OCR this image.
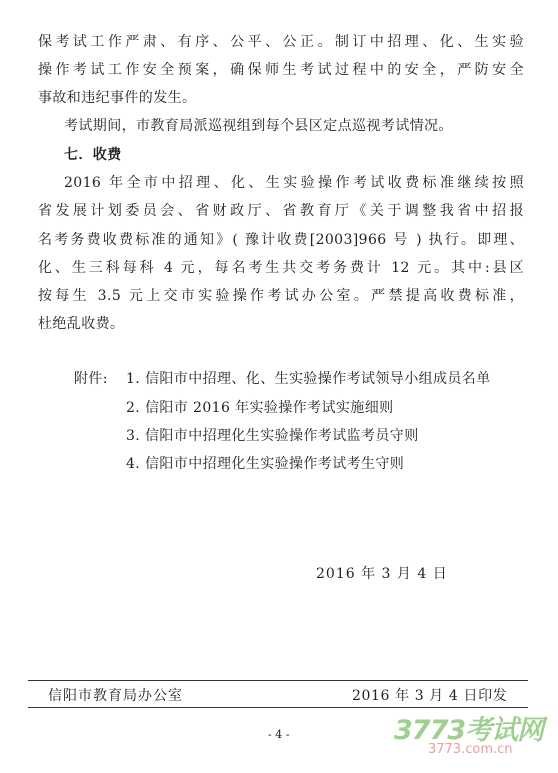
保考试工作严肃、有序、公平、公正。制订中招理、化、生实验
操作考试工作安全预案，确保师生考试过程中的安全，严防安全
事故和违纪事件的发生。
考试期间，市教育局派巡视组到每个县区定点巡视考试情况。
七．收费
2016 年全市中招理、化、生实验操作考试收费标准继续按照
省发展计划委员会、省财政厅、省教育厅《关于调整我省中招报
名考务费收费标准的通知》( 豫计收费[2003]966 号 ) 执行。即理、
化、生三科每科 4 元，每名考生共交考务费计 12 元。其中:县区
按每生 3.5 元上交市实验操作考试办公室。严禁提高收费标准，
杜绝乱收费。
附件: 1. 信阳市中招理、化、生实验操作考试领导小组成员名单
2. 信阳市 2016 年实验操作考试实施细则
3. 信阳市中招理化生实验操作考试监考员守则
4. 信阳市中招理化生实验操作考试考生守则
2016 年 3 月 4 日
信阳市教育局办公室	2016 年 3 月 4 日印发
- 4 -	3773考试网
3773.com.cn
